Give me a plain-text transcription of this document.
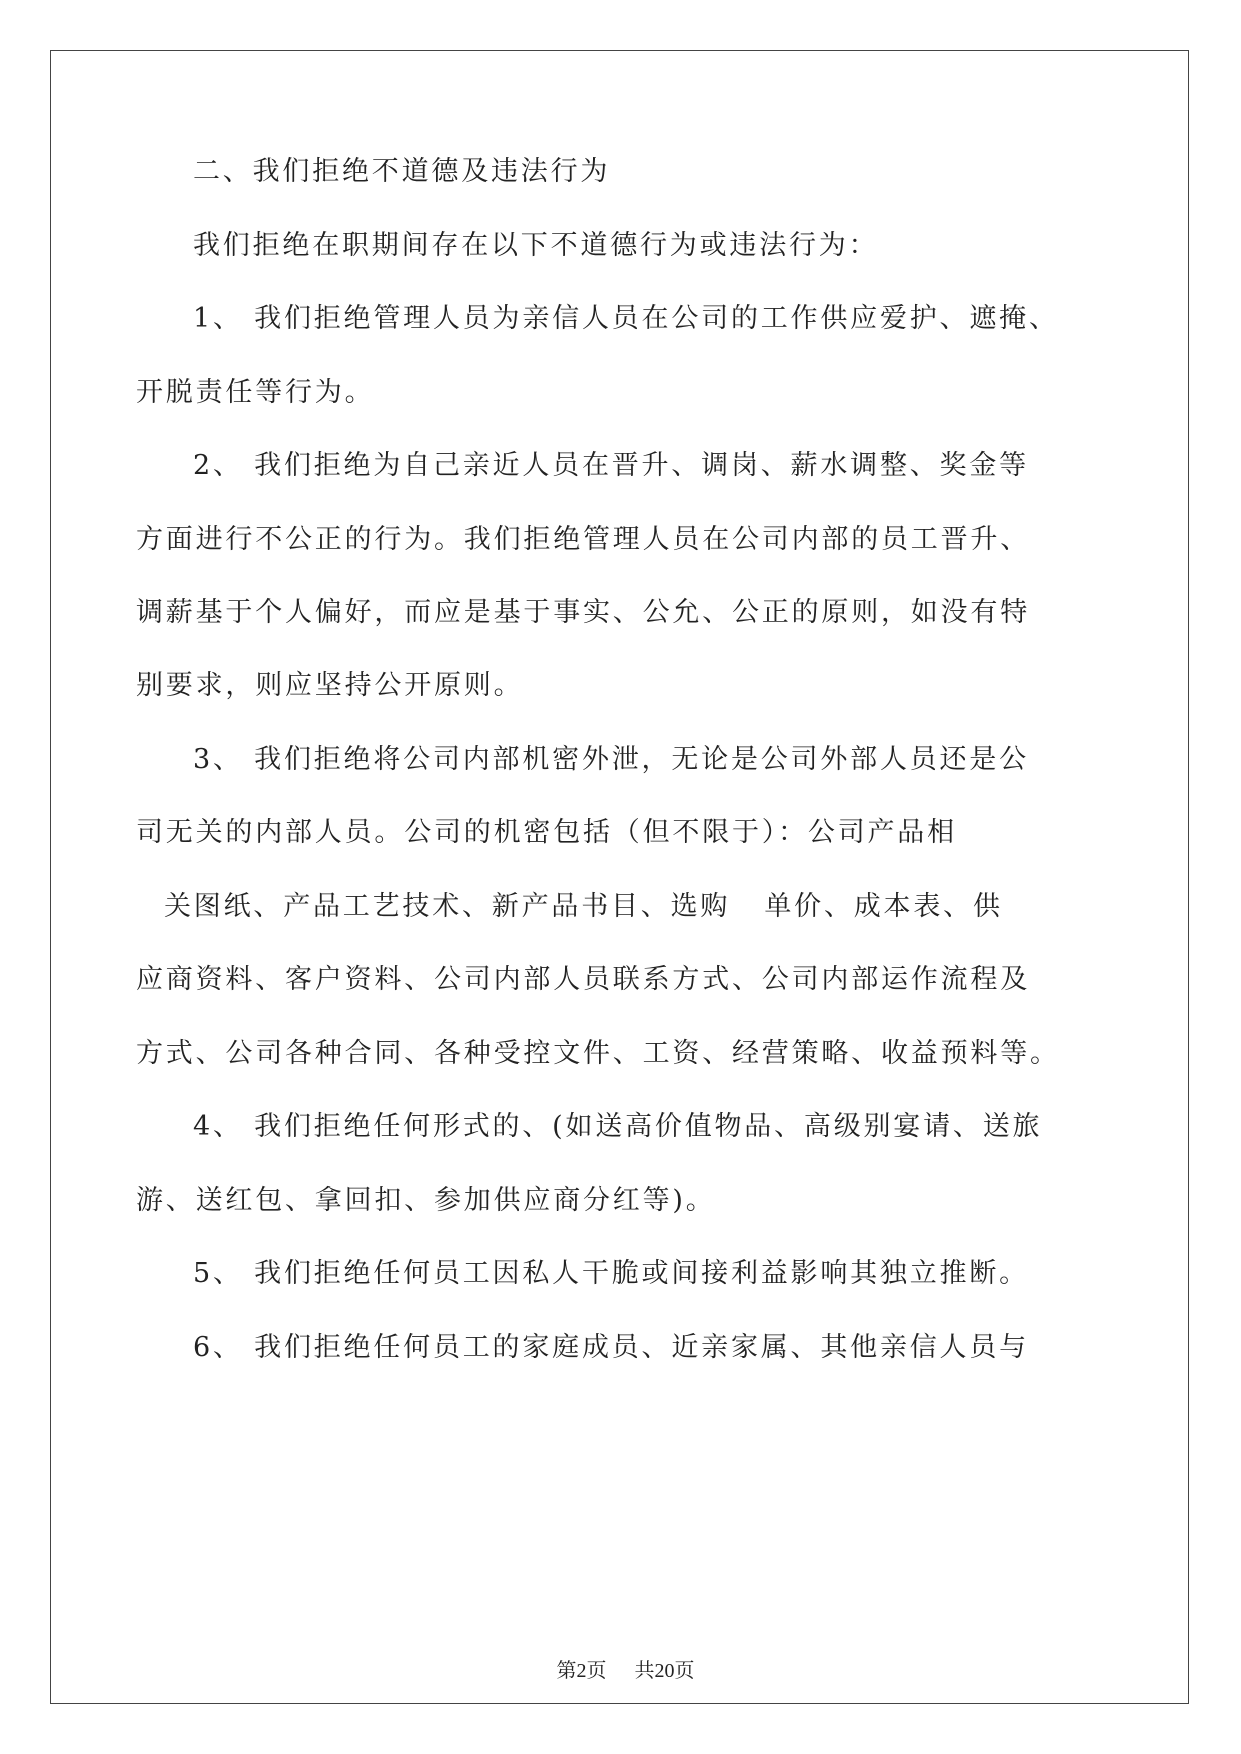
二、我们拒绝不道德及违法行为

我们拒绝在职期间存在以下不道德行为或违法行为：

1、 我们拒绝管理人员为亲信人员在公司的工作供应爱护、遮掩、

开脱责任等行为。

2、 我们拒绝为自己亲近人员在晋升、调岗、薪水调整、奖金等

方面进行不公正的行为。我们拒绝管理人员在公司内部的员工晋升、

调薪基于个人偏好，而应是基于事实、公允、公正的原则，如没有特

别要求，则应坚持公开原则。

3、 我们拒绝将公司内部机密外泄，无论是公司外部人员还是公

司无关的内部人员。公司的机密包括（但不限于）：公司产品相

关图纸、产品工艺技术、新产品书目、选购   单价、成本表、供

应商资料、客户资料、公司内部人员联系方式、公司内部运作流程及

方式、公司各种合同、各种受控文件、工资、经营策略、收益预料等。

4、 我们拒绝任何形式的、(如送高价值物品、高级别宴请、送旅

游、送红包、拿回扣、参加供应商分红等)。

5、 我们拒绝任何员工因私人干脆或间接利益影响其独立推断。

6、 我们拒绝任何员工的家庭成员、近亲家属、其他亲信人员与

第2页 共20页
